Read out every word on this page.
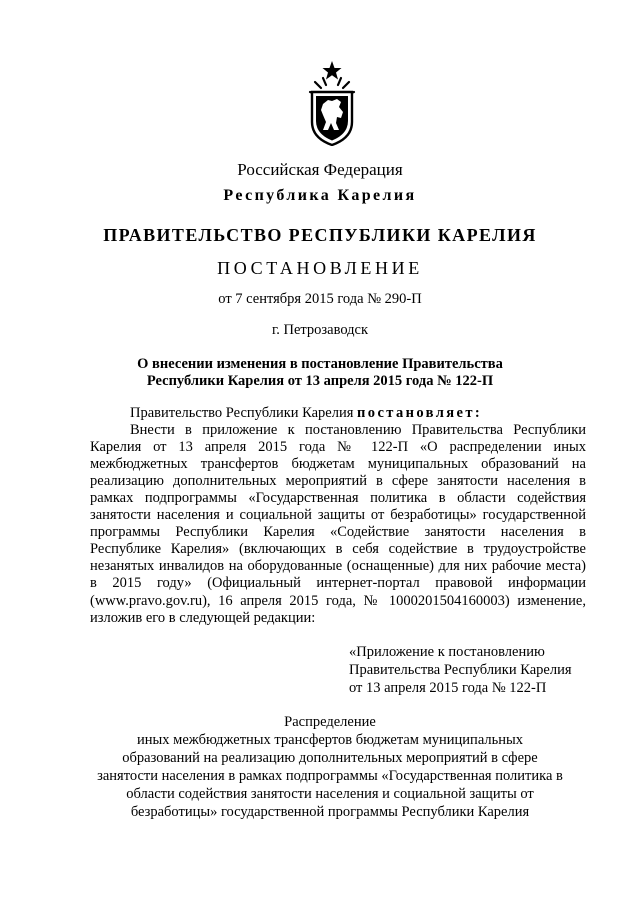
Российская Федерация
Республика Карелия
ПРАВИТЕЛЬСТВО РЕСПУБЛИКИ КАРЕЛИЯ
ПОСТАНОВЛЕНИЕ
от 7 сентября 2015 года № 290-П
г. Петрозаводск
О внесении изменения в постановление Правительства
Республики Карелия от 13 апреля 2015 года № 122-П

Правительство Республики Карелия постановляет:

Внести в приложение к постановлению Правительства Республики Карелия от 13 апреля 2015 года № 122-П «О распределении иных межбюджетных трансфертов бюджетам муниципальных образований на реализацию дополнительных мероприятий в сфере занятости населения в рамках подпрограммы «Государственная политика в области содействия занятости населения и социальной защиты от безработицы» государственной программы Республики Карелия «Содействие занятости населения в Республике Карелия» (включающих в себя содействие в трудоустройстве незанятых инвалидов на оборудованные (оснащенные) для них рабочие места) в 2015 году» (Официальный интернет-портал правовой информации (www.pravo.gov.ru), 16 апреля 2015 года, № 1000201504160003) изменение, изложив его в следующей редакции:

«Приложение к постановлению
Правительства Республики Карелия
от 13 апреля 2015 года № 122-П
Распределение
иных межбюджетных трансфертов бюджетам муниципальных
образований на реализацию дополнительных мероприятий в сфере
занятости населения в рамках подпрограммы «Государственная политика в
области содействия занятости населения и социальной защиты от
безработицы» государственной программы Республики Карелия
